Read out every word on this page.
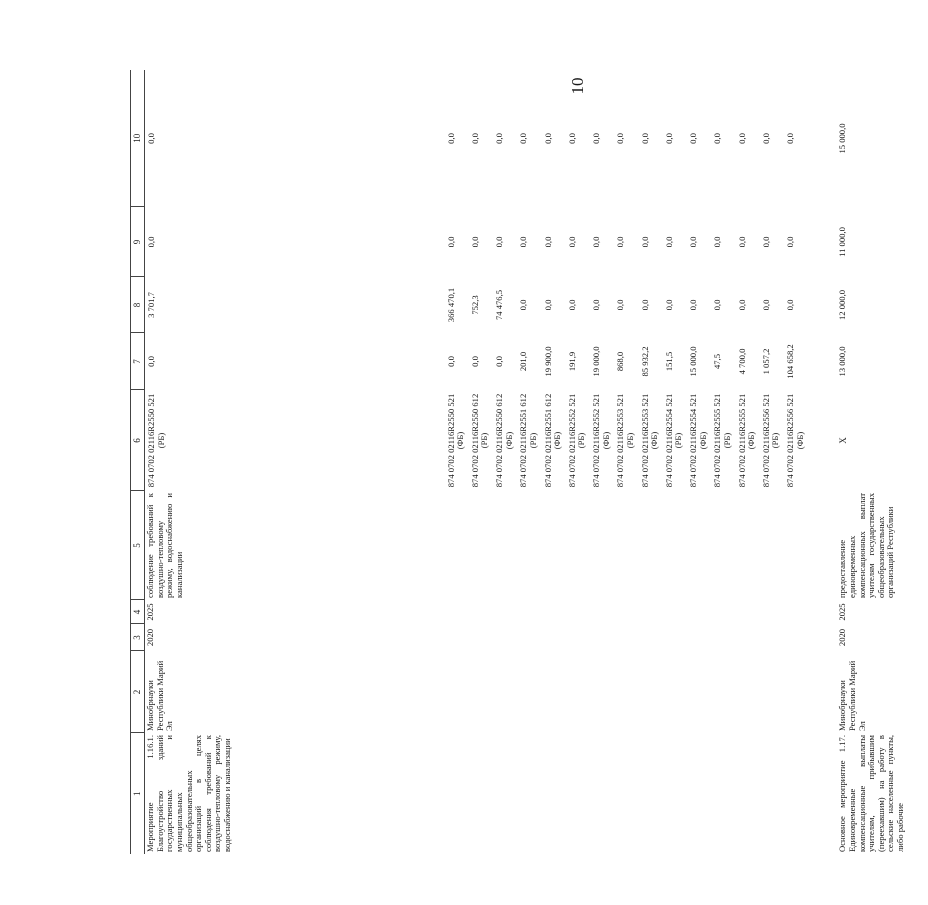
10
1	2	3	4	5	6	7	8	9	10
Мероприятие 1.16.1. Благоустройство зданий государственных и муниципальных общеобразовательных организаций в целях соблюдения требований к воздушно-тепловому режиму, водоснабжению и канализации	Минобрнауки Республики Марий Эл	2020	2025	соблюдение требований к воздушно-тепловому режиму, водоснабжению и канализации	874 0702 02116R2550 521 (РБ)	0,0	3 701,7	0,0	0,0
					874 0702 02116R2550 521 (ФБ)	0,0	366 470,1	0,0	0,0
					874 0702 02116R2550 612 (РБ)	0,0	752,3	0,0	0,0
					874 0702 02116R2550 612 (ФБ)	0,0	74 476,5	0,0	0,0
					874 0702 02116R2551 612 (РБ)	201,0	0,0	0,0	0,0
					874 0702 02116R2551 612 (ФБ)	19 900,0	0,0	0,0	0,0
					874 0702 02116R2552 521 (РБ)	191,9	0,0	0,0	0,0
					874 0702 02116R2552 521 (ФБ)	19 000,0	0,0	0,0	0,0
					874 0702 02116R2553 521 (РБ)	868,0	0,0	0,0	0,0
					874 0702 02116R2553 521 (ФБ)	85 932,2	0,0	0,0	0,0
					874 0702 02116R2554 521 (РБ)	151,5	0,0	0,0	0,0
					874 0702 02116R2554 521 (ФБ)	15 000,0	0,0	0,0	0,0
					874 0702 02116R2555 521 (РБ)	47,5	0,0	0,0	0,0
					874 0702 02116R2555 521 (ФБ)	4 700,0	0,0	0,0	0,0
					874 0702 02116R2556 521 (РБ)	1 057,2	0,0	0,0	0,0
					874 0702 02116R2556 521 (ФБ)	104 658,2	0,0	0,0	0,0
Основное мероприятие 1.17. Единовременные компенсационные выплаты учителям, прибывшим (переехавшим) на работу в сельские населенные пункты, либо рабочие	Минобрнауки Республики Марий Эл	2020	2025	предоставление единовременных компенсационных выплат учителям государственных общеобразовательных организаций Республики	X	13 000,0	12 000,0	11 000,0	15 000,0
